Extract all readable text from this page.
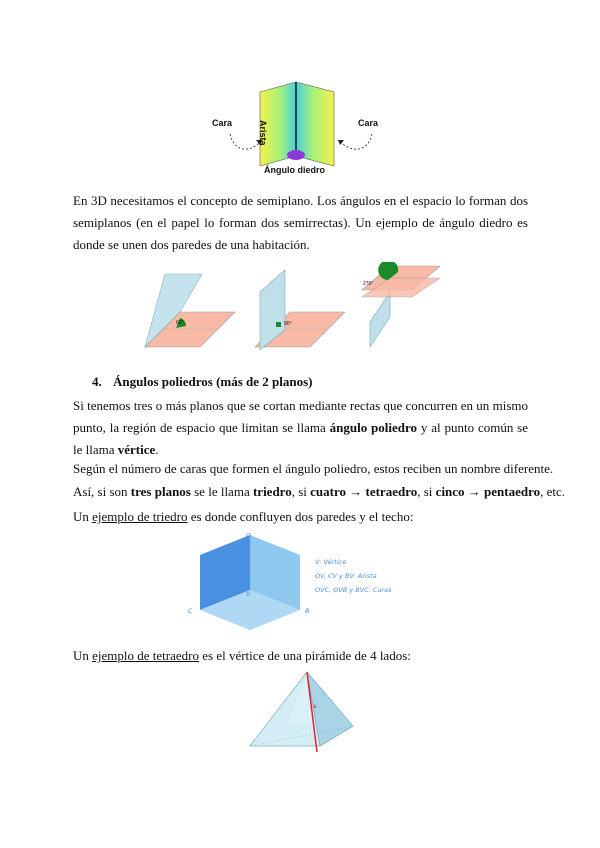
Cara	Cara
Arista
Ángulo diedro
En 3D necesitamos el concepto de semiplano. Los ángulos en el espacio lo forman dos semiplanos (en el papel lo forman dos semirrectas). Un ejemplo de ángulo diedro es donde se unen dos paredes de una habitación.
60°	90°
270°
4. Ángulos poliedros (más de 2 planos)
Si tenemos tres o más planos que se cortan mediante rectas que concurren en un mismo punto, la región de espacio que limitan se llama ángulo poliedro y al punto común se le llama vértice.
Según el número de caras que formen el ángulo poliedro, estos reciben un nombre diferente.
Así, si son tres planos se le llama triedro, si cuatro → tetraedro, si cinco → pentaedro, etc.
Un ejemplo de triedro es donde confluyen dos paredes y el techo:
V: Vértice
OV, CV y BV: Arista
OVC, OVB y BVC: Caras
O
C	B
V
Un ejemplo de tetraedro es el vértice de una pirámide de 4 lados:
a
